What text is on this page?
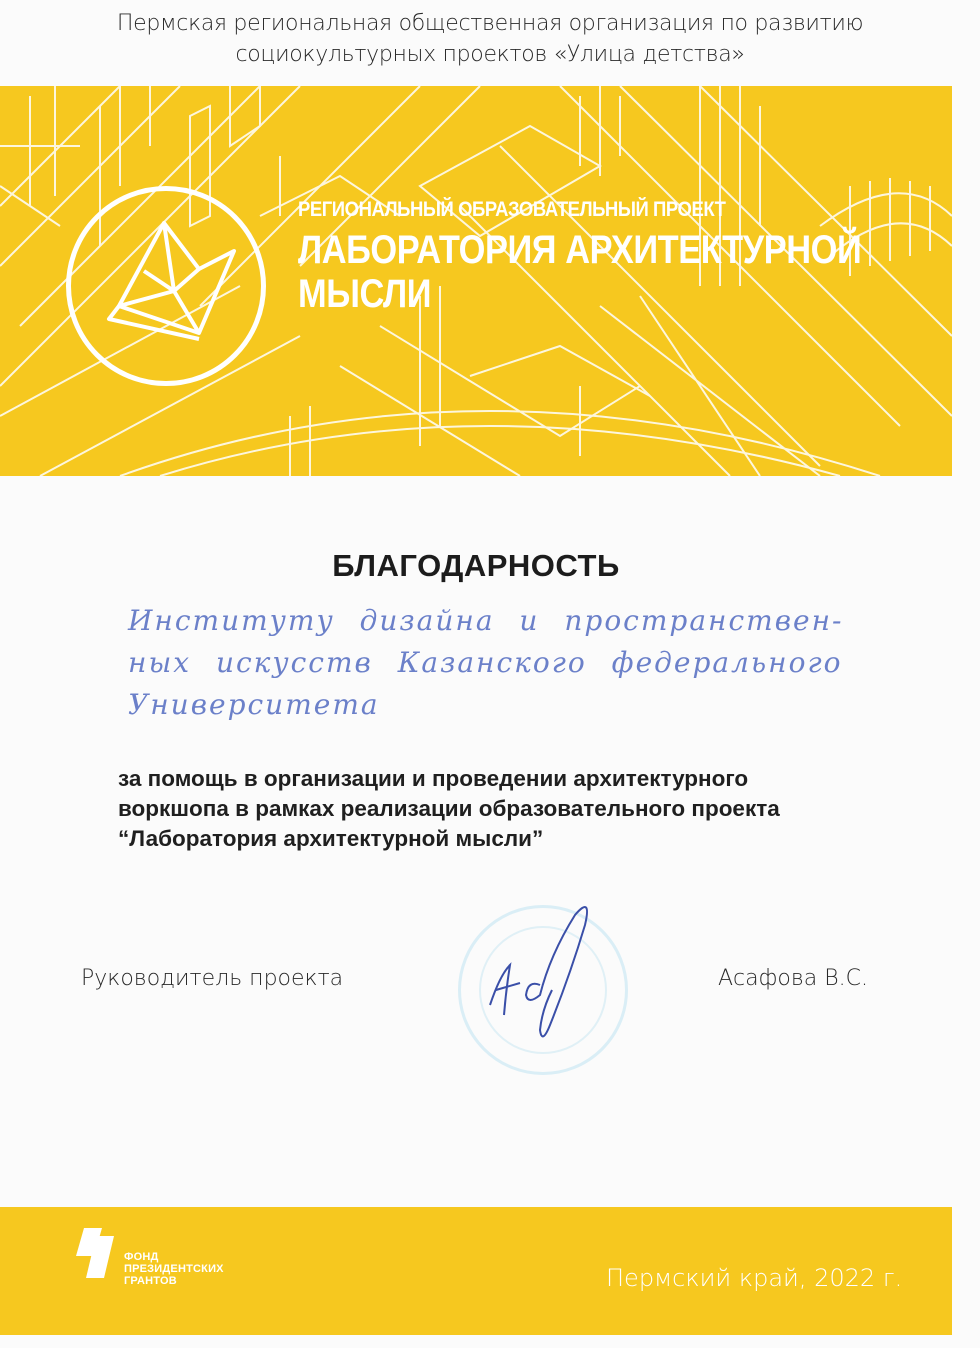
Пермская региональная общественная организация по развитию
социокультурных проектов «Улица детства»
РЕГИОНАЛЬНЫЙ ОБРАЗОВАТЕЛЬНЫЙ ПРОЕКТ
ЛАБОРАТОРИЯ АРХИТЕКТУРНОЙ
МЫСЛИ
БЛАГОДАРНОСТЬ
Институту дизайна и пространствен-
ных искусств Казанского федерального
Университета
за помощь в организации и проведении архитектурного
воркшопа в рамках реализации образовательного проекта
“Лаборатория архитектурной мысли”
Руководитель проекта	Асафова В.С.
ФОНД
ПРЕЗИДЕНТСКИХ
ГРАНТОВ	Пермский край, 2022 г.
